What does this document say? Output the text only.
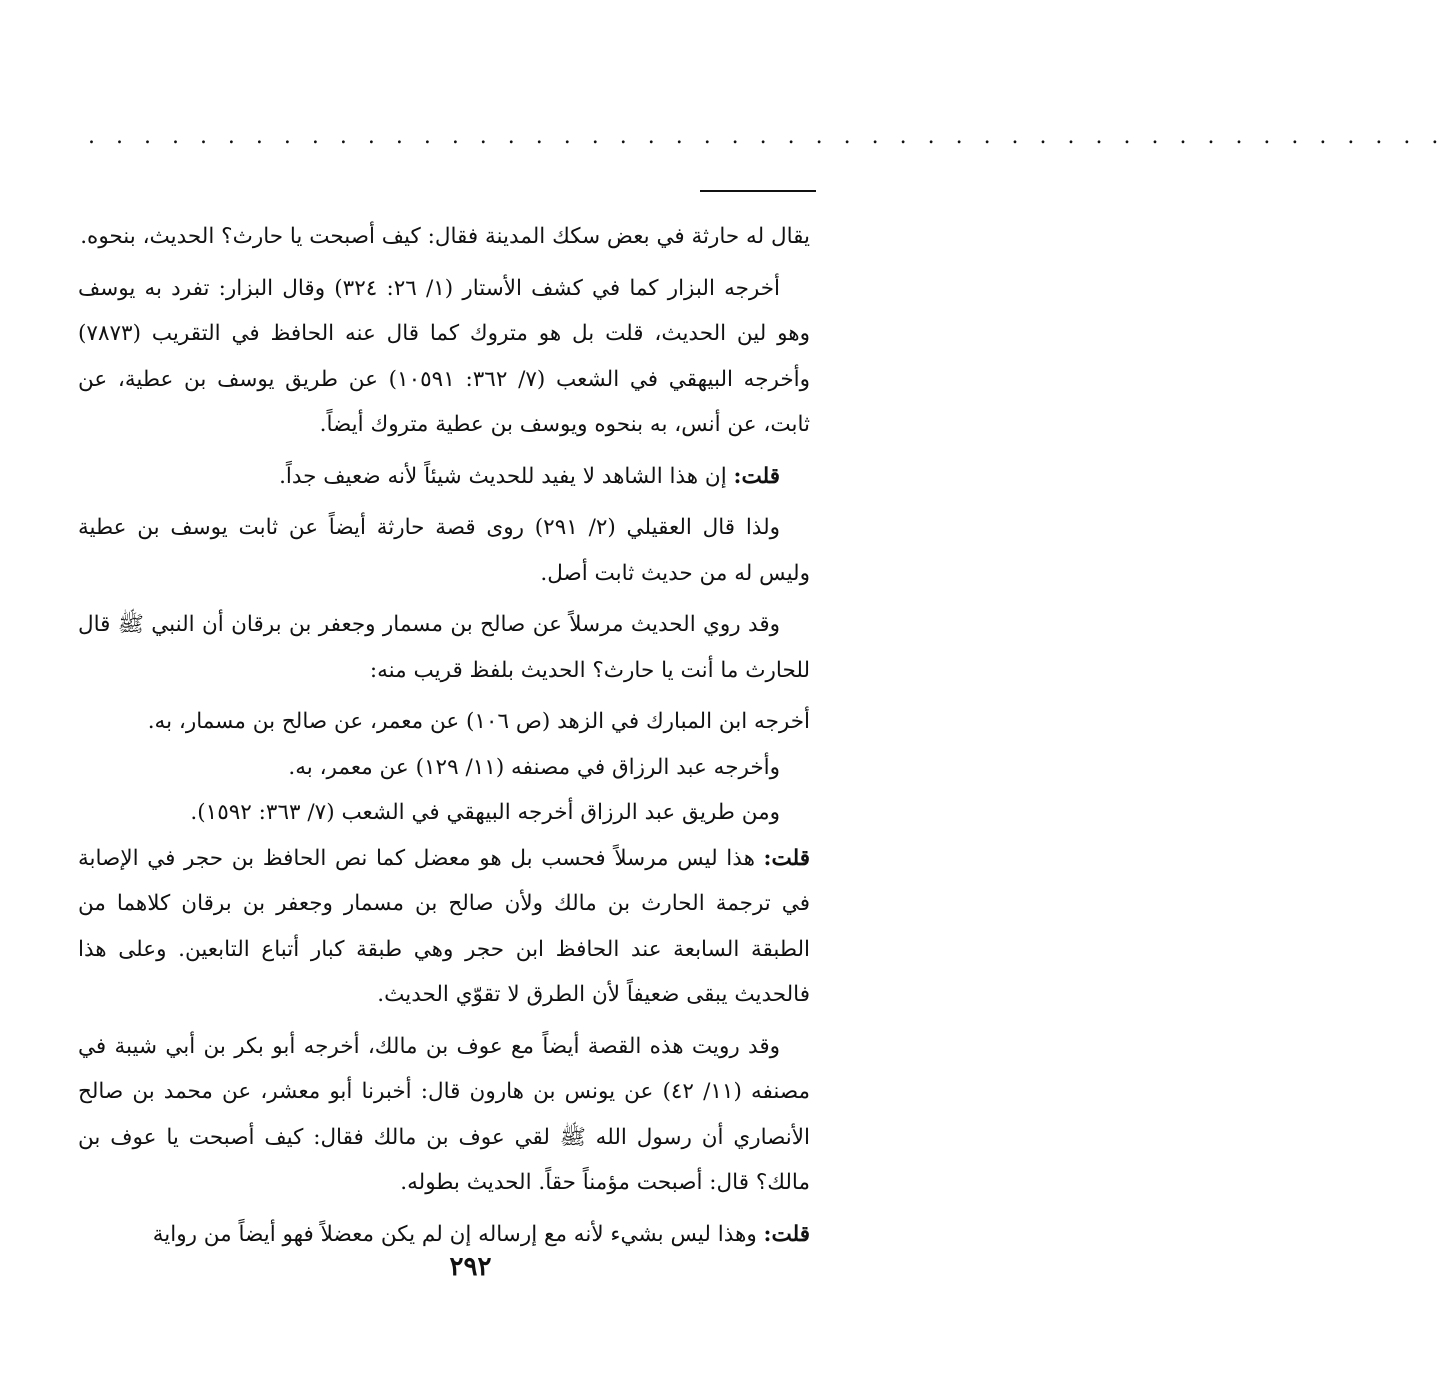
. . . . . . . . . . . . . . . . . . . . . . . . . . . . . . . . . . . . . . . . . . . . . . . . .

يقال له حارثة في بعض سكك المدينة فقال: كيف أصبحت يا حارث؟ الحديث، بنحوه.

أخرجه البزار كما في كشف الأستار (١/ ٢٦: ٣٢٤) وقال البزار: تفرد به يوسف وهو لين الحديث، قلت بل هو متروك كما قال عنه الحافظ في التقريب (٧٨٧٣) وأخرجه البيهقي في الشعب (٧/ ٣٦٢: ١٠٥٩١) عن طريق يوسف بن عطية، عن ثابت، عن أنس، به بنحوه ويوسف بن عطية متروك أيضاً.

قلت: إن هذا الشاهد لا يفيد للحديث شيئاً لأنه ضعيف جداً.

ولذا قال العقيلي (٢/ ٢٩١) روى قصة حارثة أيضاً عن ثابت يوسف بن عطية وليس له من حديث ثابت أصل.

وقد روي الحديث مرسلاً عن صالح بن مسمار وجعفر بن برقان أن النبي ﷺ قال للحارث ما أنت يا حارث؟ الحديث بلفظ قريب منه:

أخرجه ابن المبارك في الزهد (ص ١٠٦) عن معمر، عن صالح بن مسمار، به.

وأخرجه عبد الرزاق في مصنفه (١١/ ١٢٩) عن معمر، به.

ومن طريق عبد الرزاق أخرجه البيهقي في الشعب (٧/ ٣٦٣: ١٥٩٢).

قلت: هذا ليس مرسلاً فحسب بل هو معضل كما نص الحافظ بن حجر في الإصابة في ترجمة الحارث بن مالك ولأن صالح بن مسمار وجعفر بن برقان كلاهما من الطبقة السابعة عند الحافظ ابن حجر وهي طبقة كبار أتباع التابعين. وعلى هذا فالحديث يبقى ضعيفاً لأن الطرق لا تقوّي الحديث.

وقد رويت هذه القصة أيضاً مع عوف بن مالك، أخرجه أبو بكر بن أبي شيبة في مصنفه (١١/ ٤٢) عن يونس بن هارون قال: أخبرنا أبو معشر، عن محمد بن صالح الأنصاري أن رسول الله ﷺ لقي عوف بن مالك فقال: كيف أصبحت يا عوف بن مالك؟ قال: أصبحت مؤمناً حقاً. الحديث بطوله.

قلت: وهذا ليس بشيء لأنه مع إرساله إن لم يكن معضلاً فهو أيضاً من رواية

٢٩٢
